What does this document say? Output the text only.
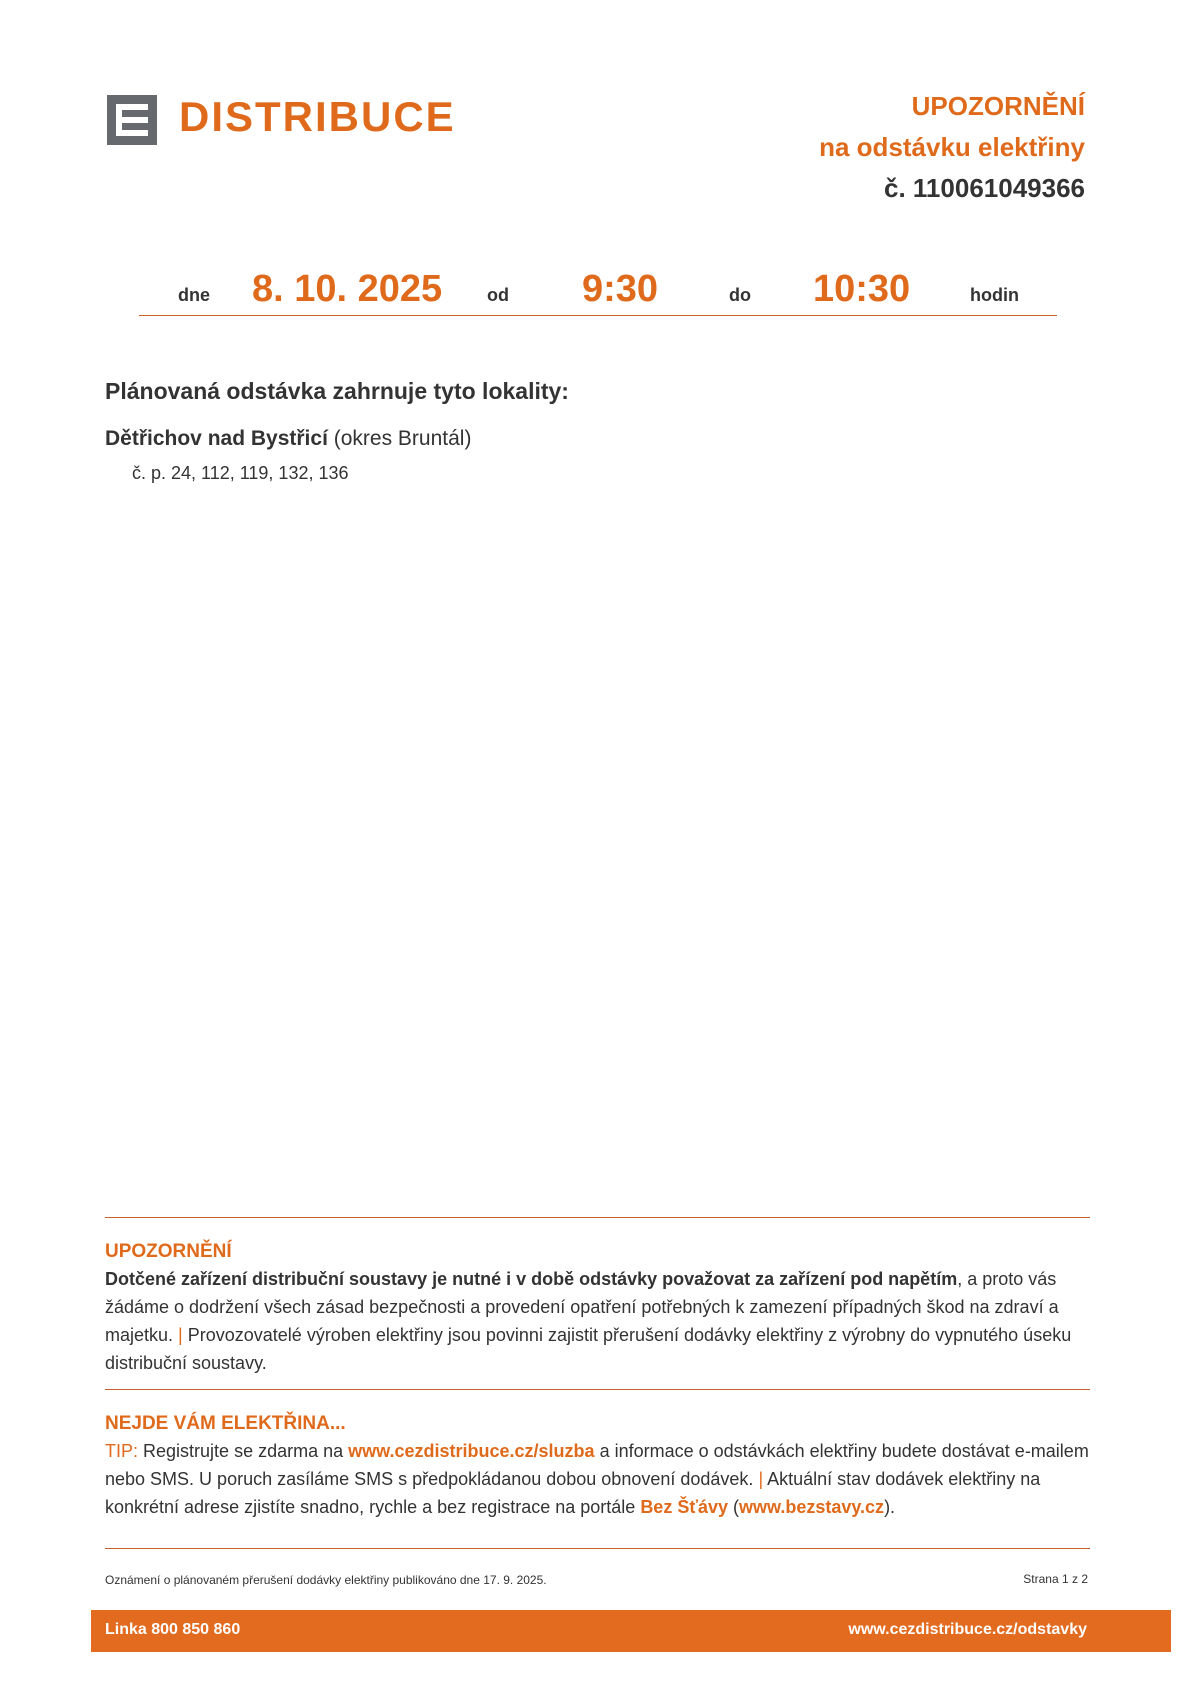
DISTRIBUCE	UPOZORNĚNÍ
na odstávku elektřiny
č. 110061049366
dne 8. 10. 2025 od 9:30	do 10:30	hodin
Plánovaná odstávka zahrnuje tyto lokality:
Dětřichov nad Bystřicí (okres Bruntál)
č. p. 24, 112, 119, 132, 136
UPOZORNĚNÍ
Dotčené zařízení distribuční soustavy je nutné i v době odstávky považovat za zařízení pod napětím, a proto vás žádáme o dodržení všech zásad bezpečnosti a provedení opatření potřebných k zamezení případných škod na zdraví a majetku. | Provozovatelé výroben elektřiny jsou povinni zajistit přerušení dodávky elektřiny z výrobny do vypnutého úseku distribuční soustavy.
NEJDE VÁM ELEKTŘINA...
TIP: Registrujte se zdarma na www.cezdistribuce.cz/sluzba a informace o odstávkách elektřiny budete dostávat e-mailem nebo SMS. U poruch zasíláme SMS s předpokládanou dobou obnovení dodávek. | Aktuální stav dodávek elektřiny na konkrétní adrese zjistíte snadno, rychle a bez registrace na portále Bez Šťávy (www.bezstavy.cz).
Oznámení o plánovaném přerušení dodávky elektřiny publikováno dne 17. 9. 2025.	Strana 1 z 2
Linka 800 850 860	www.cezdistribuce.cz/odstavky
